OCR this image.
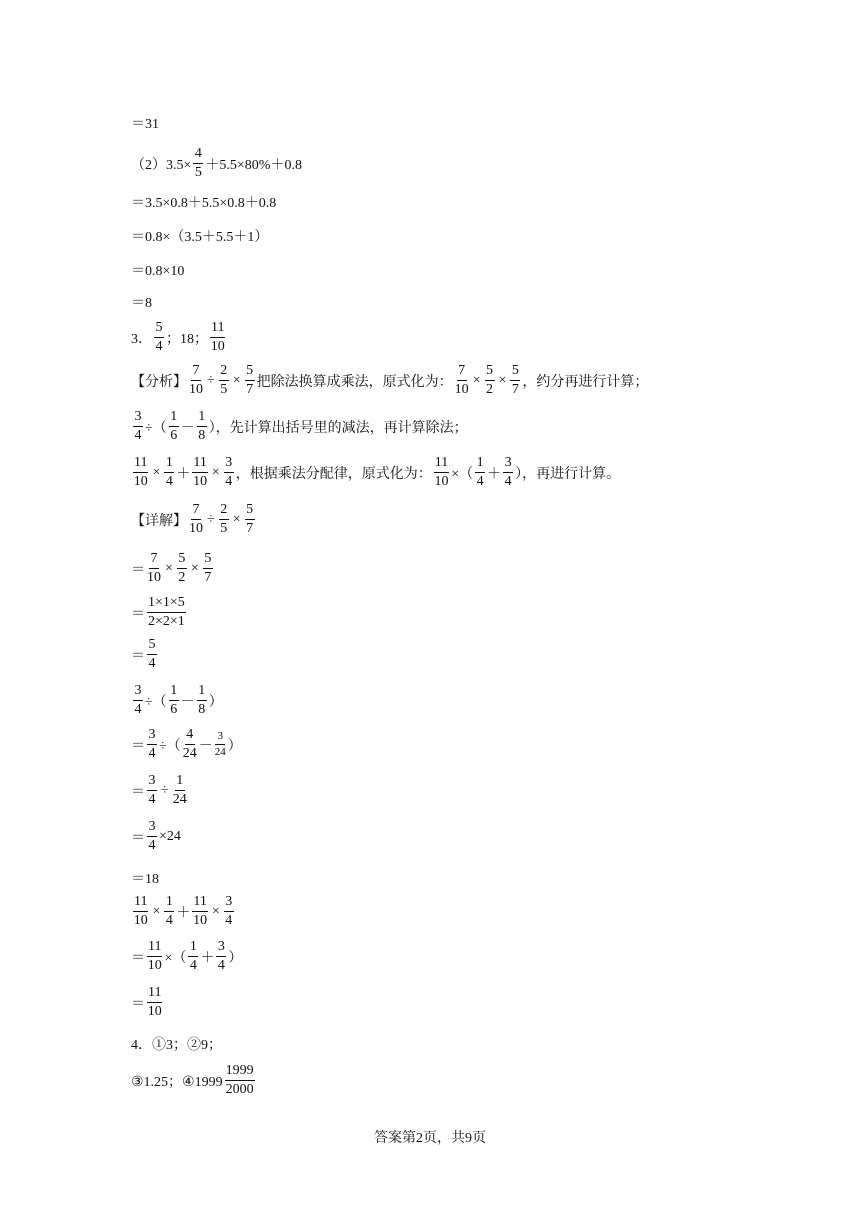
＝31
$(2)3.5\times \frac{4}{5} +5.5\times 80\%+0.8$
＝3.5×0.8＋5.5×0.8＋0.8
＝0.8×（3.5＋5.5＋1）
＝0.8×10
＝8
3． $\frac{5}{4}$ ；18； $\frac{11}{10}$
【分析】 $\frac{7}{10} \div \frac{2}{5} \times \frac{5}{7}$ 把除法换算成乘法，原式化为： $\frac{7}{10} \times \frac{5}{2} \times \frac{5}{7}$ ，约分再进行计算；
$\frac{3}{4}$ ÷（ $\frac{1}{6} - \frac{1}{8}$ ），先计算出括号里的减法，再计算除法；
$\frac{11}{10} \times \frac{1}{4} + \frac{11}{10} \times \frac{3}{4}$ ，根据乘法分配律，原式化为： $\frac{11}{10}$ ×（ $\frac{1}{4} + \frac{3}{4}$ ），再进行计算。
【详解】 $\frac{7}{10} \div \frac{2}{5} \times \frac{5}{7}$
＝ $\frac{7}{10} \times \frac{5}{2} \times \frac{5}{7}$
＝ $\frac{1\times 1\times 5}{2\times 2\times 1}$
＝ $\frac{5}{4}$
$\frac{3}{4}$ ÷（ $\frac{1}{6} - \frac{1}{8}$ ）
＝ $\frac{3}{4}$ ÷（ $\frac{4}{24} - \frac{3}{24}$ ）
＝ $\frac{3}{4} \div \frac{1}{24}$
＝ $\frac{3}{4} \times 24$
＝18
$\frac{11}{10} \times \frac{1}{4} + \frac{11}{10} \times \frac{3}{4}$
＝ $\frac{11}{10}$ ×（ $\frac{1}{4} + \frac{3}{4}$ ）
＝ $\frac{11}{10}$
4．①3；②9；
③1.25；④1999 $\frac{1999}{2000}$
答案第2页，共9页
